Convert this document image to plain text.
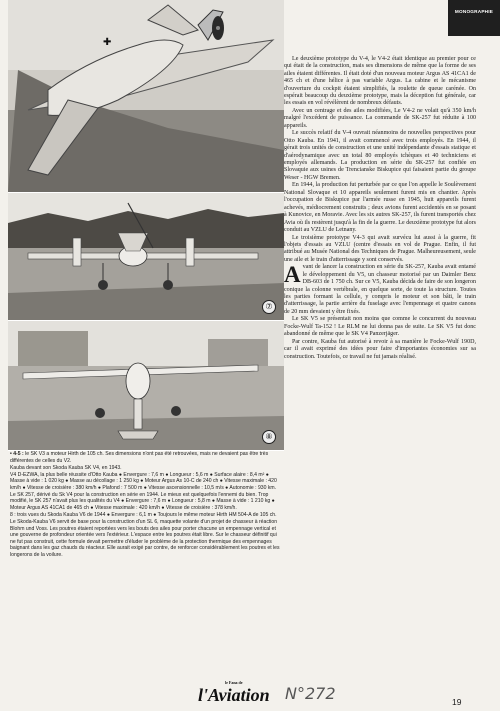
MONOGRAPHIE
✚
⑦
⑧
• 4-5 : le SK V3 a moteur Hirth de 105 ch. Ses dimensions n'ont pas été retrouvées, mais ne devaient pas être très différentes de celles du V2.
Kauba devant son Skoda Kauba SK V4, en 1943.
V4 D-EZWA, la plus belle réussite d'Otto Kauba ● Envergure : 7,6 m ● Longueur : 5,6 m ● Surface alaire : 8,4 m² ● Masse à vide : 1 020 kg ● Masse au décollage : 1 250 kg ● Moteur Argus As 10-C de 240 ch ● Vitesse maximale : 420 km/h ● Vitesse de croisière : 380 km/h ● Plafond : 7 500 m ● Vitesse ascensionnelle : 10,5 m/s ● Autonomie : 930 km.
Le SK 257, dérivé du Sk V4 pour la construction en série en 1944. Le mieux est quelquefois l'ennemi du bien. Trop modifié, le SK 257 n'avait plus les qualités du V4 ● Envergure : 7,6 m ● Longueur : 5,8 m ● Masse à vide : 1 210 kg ● Moteur Argus AS 41CA1 de 465 ch ● Vitesse maximale : 420 km/h ● Vitesse de croisière : 378 km/h.
8 : trois vues du Skoda Kauba V6 de 1944 ● Envergure : 6,1 m ● Toujours le même moteur Hirth HM 504-A de 105 ch.
Le Skoda-Kauba V6 servit de base pour la construction d'un SL 6, maquette volante d'un projet de chasseur à réaction Blohm und Voss. Les poutres étaient reportées vers les bouts des ailes pour porter chacune un empennage vertical et une gouverne de profondeur orientée vers l'extérieur. L'espace entre les poutres était libre. Sur le chasseur définitif qui ne fut pas construit, cette formule devait permettre d'éluder le problème de la protection thermique des empennages baignant dans les gaz chauds du réacteur. Elle aurait exigé par contre, de renforcer considérablement les poutres et les longerons de la voilure.

Le deuxième prototype du V-4, le V4-2 était identique au premier pour ce qui était de la construction, mais ses dimensions de même que la forme de ses ailes étaient différentes. Il était doté d'un nouveau moteur Argus AS 41CA1 de 465 ch et d'une hélice à pas variable Argus. La cabine et le mécanisme d'ouverture du cockpit étaient simplifiés, la roulette de queue carénée. On espérait beaucoup du deuxième prototype, mais la déception fut générale, car les essais en vol révélèrent de nombreux défauts.

Avec un centrage et des ailes modifiées, Le V4-2 ne volait qu'à 350 km/h malgré l'excédent de puissance. La commande de SK-257 fut réduite à 100 appareils.

Le succès relatif du V-4 ouvrait néanmoins de nouvelles perspectives pour Otto Kauba. En 1941, il avait commencé avec trois employés. En 1944, il gérait trois unités de construction et une unité indépendante d'essais statique et d'aérodynamique avec un total 80 employés tchèques et 40 techniciens et employés allemands. La production en série du SK-257 fut confiée en Slovaquie aux usines de Trencianske Biskupice qui faisaient partie du groupe Weser - HGW Bremen.

En 1944, la production fut perturbée par ce que l'on appelle le Soulèvement National Slovaque et 10 appareils seulement furent mis en chantier. Après l'occupation de Biskupice par l'armée russe en 1945, huit appareils furent achevés, médiocrement construits ; deux avions furent accidentés en se posant à Kunovice, en Moravie. Avec les six autres SK-257, ils furent transportés chez Avia où ils restèrent jusqu'à la fin de la guerre. Le deuxième prototype fut alors conduit au VZLU de Letnany.

Le troisième prototype V4-3 qui avait survécu lui aussi à la guerre, fit l'objets d'essais au VZLU (centre d'essais en vol de Prague. Enfin, il fut attribué au Musée National des Techniques de Prague. Malheureusement, seule une aile et le train d'atterrissage y sont conservés.

Avant de lancer la construction en série du SK-257, Kauba avait entamé le développement du V5, un chasseur motorisé par un Daimler Benz DB-603 de 1 750 ch. Sur ce V5, Kauba décida de faire de son longeron conique la colonne vertébrale, en quelque sorte, de toute la structure. Toutes les parties formant la cellule, y compris le moteur et son bâti, le train d'atterrissage, la partie arrière du fuselage avec l'empennage et quatre canons de 20 mm devaient y être fixés.

Le SK V5 se présentait non moins que comme le concurrent du nouveau Focke-Wulf Ta-152 ! Le RLM ne lui donna pas de suite. Le SK V5 fut donc abandonné de même que le SK V4 Panzerjäger.

Par contre, Kauba fut autorisé à revoir à sa manière le Focke-Wulf 190D, car il avait exprimé des idées pour faire d'importantes économies sur sa construction. Toutefois, ce travail ne fut jamais réalisé.

le Fana de
l'Aviation N°272	19
